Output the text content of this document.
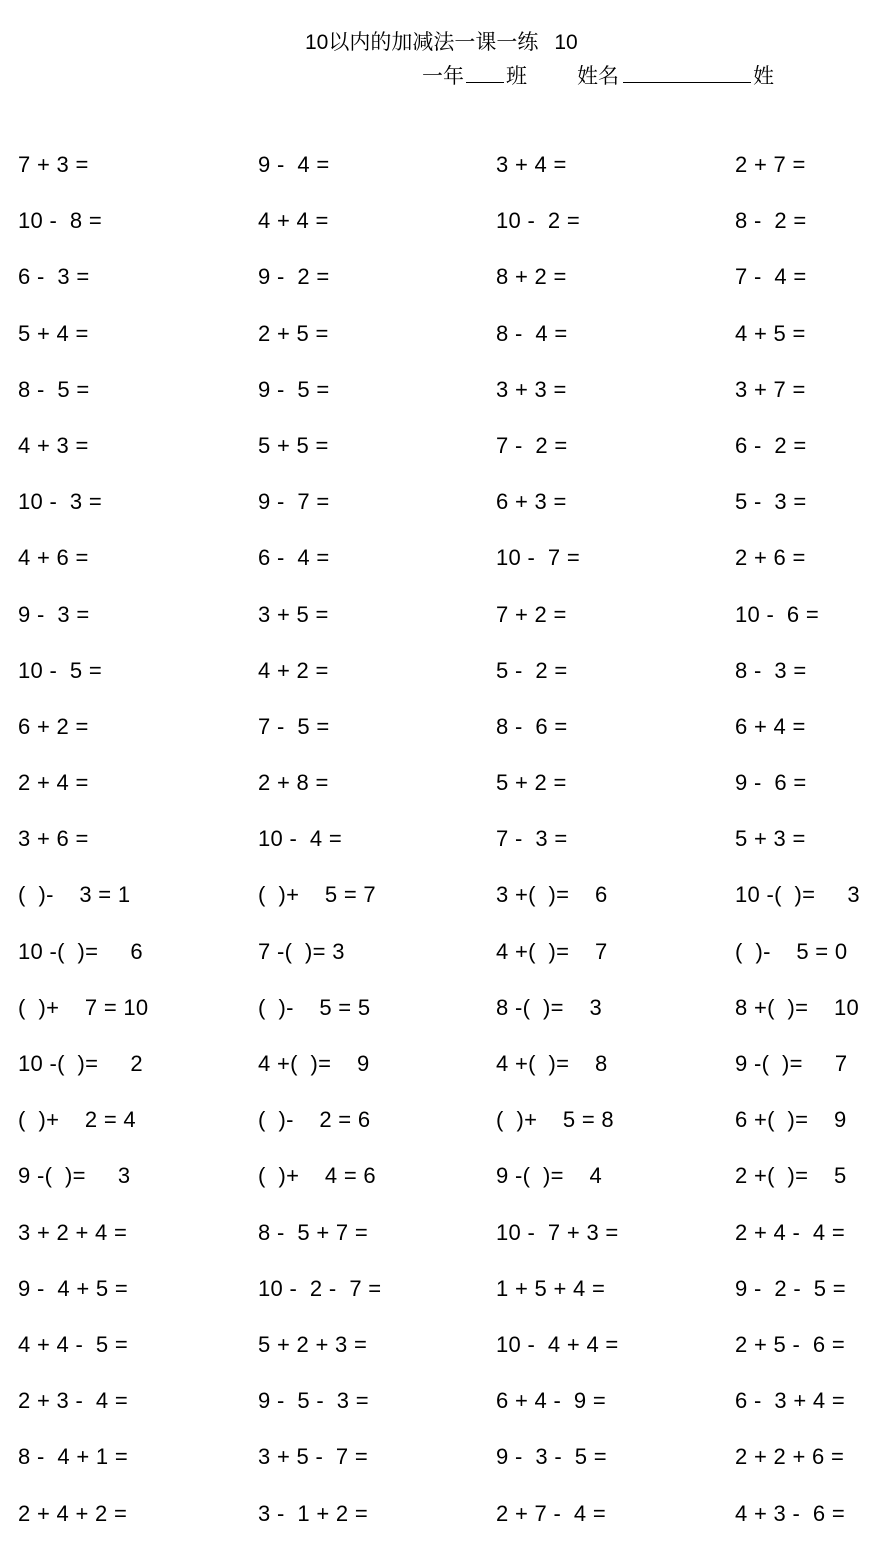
10以内的加减法一课一练 10
一年 班 姓名	姓
7 + 3 =	9 -  4 =	3 + 4 =	2 + 7 =
10 -  8 =	4 + 4 =	10 -  2 =	8 -  2 =
6 -  3 =	9 -  2 =	8 + 2 =	7 -  4 =
5 + 4 =	2 + 5 =	8 -  4 =	4 + 5 =
8 -  5 =	9 -  5 =	3 + 3 =	3 + 7 =
4 + 3 =	5 + 5 =	7 -  2 =	6 -  2 =
10 -  3 =	9 -  7 =	6 + 3 =	5 -  3 =
4 + 6 =	6 -  4 =	10 -  7 =	2 + 6 =
9 -  3 =	3 + 5 =	7 + 2 =	10 -  6 =
10 -  5 =	4 + 2 =	5 -  2 =	8 -  3 =
6 + 2 =	7 -  5 =	8 -  6 =	6 + 4 =
2 + 4 =	2 + 8 =	5 + 2 =	9 -  6 =
3 + 6 =	10 -  4 =	7 -  3 =	5 + 3 =
(  )-    3 = 1	(  )+    5 = 7	3 +(  )=    6	10 -(  )=     3
10 -(  )=     6	7 -(  )= 3	4 +(  )=    7	(  )-    5 = 0
(  )+    7 = 10	(  )-    5 = 5	8 -(  )=    3	8 +(  )=    10
10 -(  )=     2	4 +(  )=    9	4 +(  )=    8	9 -(  )=     7
(  )+    2 = 4	(  )-    2 = 6	(  )+    5 = 8	6 +(  )=    9
9 -(  )=     3	(  )+    4 = 6	9 -(  )=    4	2 +(  )=    5
3 + 2 + 4 =	8 -  5 + 7 =	10 -  7 + 3 =	2 + 4 -  4 =
9 -  4 + 5 =	10 -  2 -  7 =	1 + 5 + 4 =	9 -  2 -  5 =
4 + 4 -  5 =	5 + 2 + 3 =	10 -  4 + 4 =	2 + 5 -  6 =
2 + 3 -  4 =	9 -  5 -  3 =	6 + 4 -  9 =	6 -  3 + 4 =
8 -  4 + 1 =	3 + 5 -  7 =	9 -  3 -  5 =	2 + 2 + 6 =
2 + 4 + 2 =	3 -  1 + 2 =	2 + 7 -  4 =	4 + 3 -  6 =
